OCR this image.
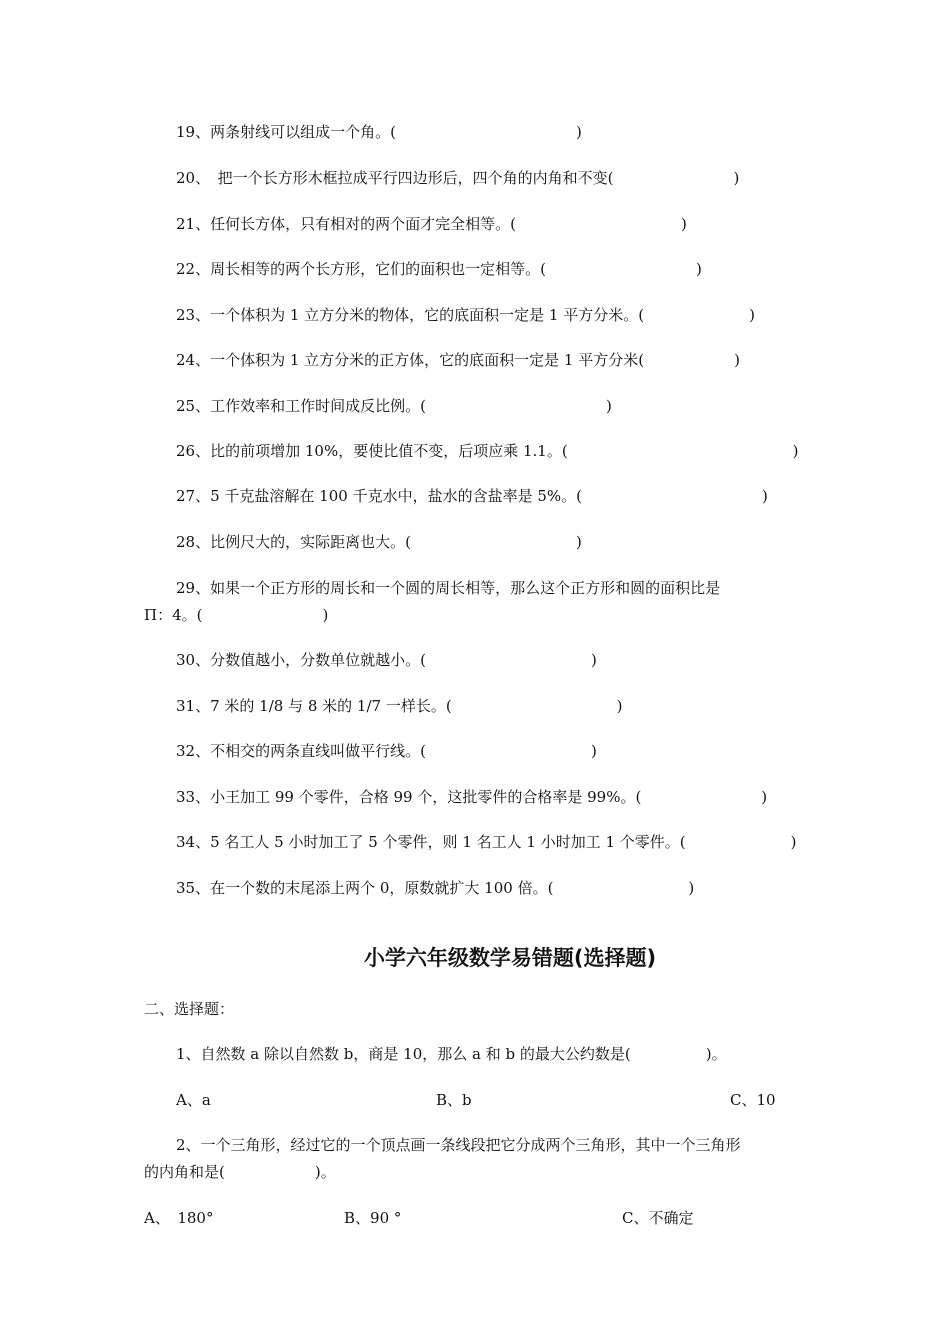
19、两条射线可以组成一个角。(　　　　　　　　　　　　)
20、　把一个长方形木框拉成平行四边形后，四个角的内角和不变(　　　　　　　　)
21、任何长方体，只有相对的两个面才完全相等。(　　　　　　　　　　　)
22、周长相等的两个长方形，它们的面积也一定相等。(　　　　　　　　　　)
23、一个体积为 1 立方分米的物体，它的底面积一定是 1 平方分米。(　　　　　　　)
24、一个体积为 1 立方分米的正方体，它的底面积一定是 1 平方分米(　　　　　　)
25、工作效率和工作时间成反比例。(　　　　　　　　　　　　)
26、比的前项增加 10%，要使比值不变，后项应乘 1.1。(　　　　　　　　　　　　　　　)
27、5 千克盐溶解在 100 千克水中，盐水的含盐率是 5%。(　　　　　　　　　　　　)
28、比例尺大的，实际距离也大。(　　　　　　　　　　　)
29、如果一个正方形的周长和一个圆的周长相等，那么这个正方形和圆的面积比是
Π：4。(　　　　　　　　)
30、分数值越小，分数单位就越小。(　　　　　　　　　　　)
31、7 米的 1/8 与 8 米的 1/7 一样长。(　　　　　　　　　　　)
32、不相交的两条直线叫做平行线。(　　　　　　　　　　　)
33、小王加工 99 个零件，合格 99 个，这批零件的合格率是 99%。(　　　　　　　　)
34、5 名工人 5 小时加工了 5 个零件，则 1 名工人 1 小时加工 1 个零件。(　　　　　　　)
35、在一个数的末尾添上两个 0，原数就扩大 100 倍。(　　　　　　　　　)
小学六年级数学易错题(选择题)
二、选择题：
1、自然数 a 除以自然数 b，商是 10，那么 a 和 b 的最大公约数是(　　　　　)。
A、a	B、b	C、10
2、一个三角形，经过它的一个顶点画一条线段把它分成两个三角形，其中一个三角形
的内角和是(　　　　　　)。
A、　180°	B、90 °	C、不确定
